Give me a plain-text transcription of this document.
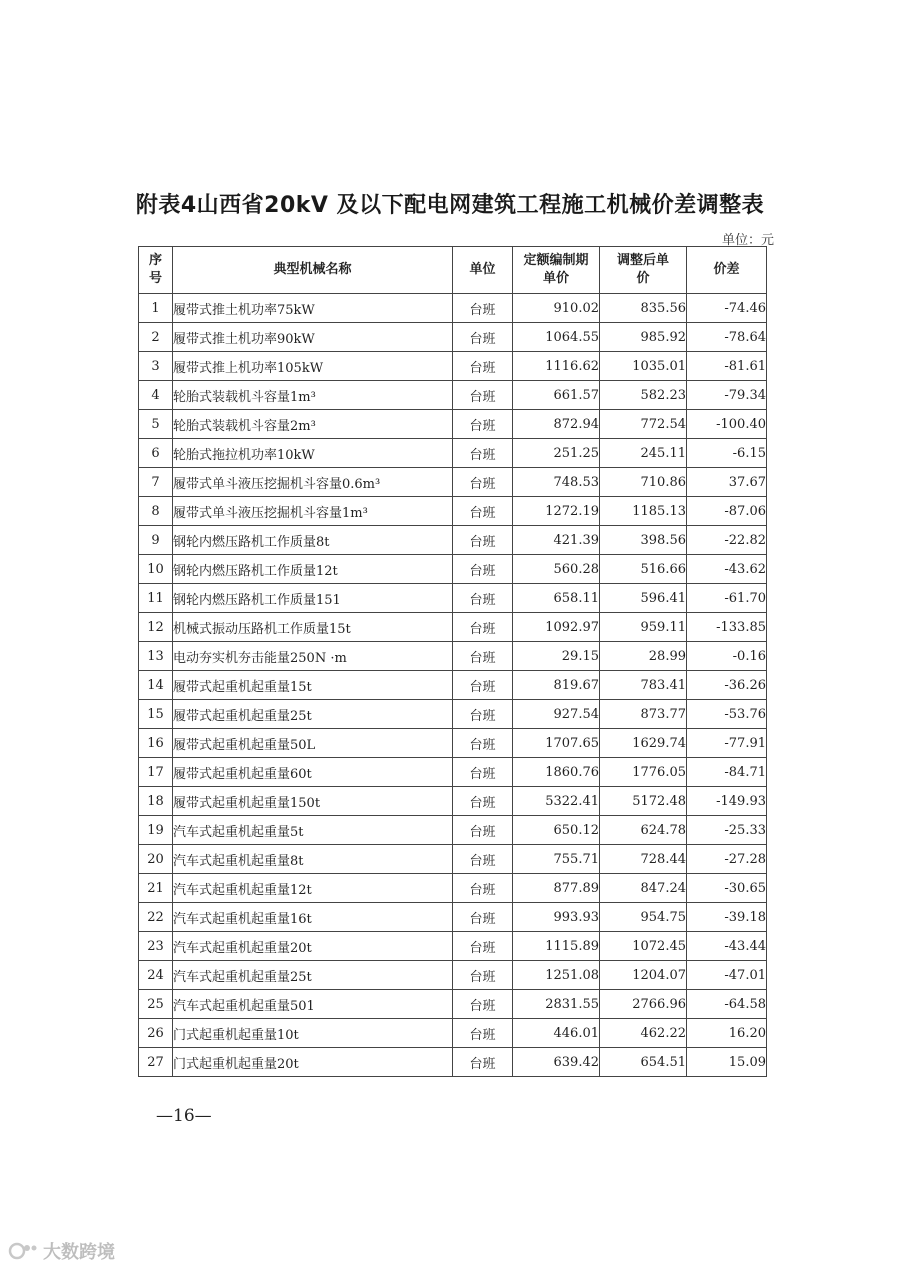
附表4山西省20kV 及以下配电网建筑工程施工机械价差调整表
单位：元
序号	典型机械名称	单位	定额编制期单价	调整后单价	价差
1	履带式推土机功率75kW	台班	910.02	835.56	-74.46
2	履带式推土机功率90kW	台班	1064.55	985.92	-78.64
3	履带式推上机功率105kW	台班	1116.62	1035.01	-81.61
4	轮胎式装载机斗容量1m³	台班	661.57	582.23	-79.34
5	轮胎式装载机斗容量2m³	台班	872.94	772.54	-100.40
6	轮胎式拖拉机功率10kW	台班	251.25	245.11	-6.15
7	履带式单斗液压挖掘机斗容量0.6m³	台班	748.53	710.86	37.67
8	履带式单斗液压挖掘机斗容量1m³	台班	1272.19	1185.13	-87.06
9	钢轮内燃压路机工作质量8t	台班	421.39	398.56	-22.82
10	钢轮内燃压路机工作质量12t	台班	560.28	516.66	-43.62
11	钢轮内燃压路机工作质量151	台班	658.11	596.41	-61.70
12	机械式振动压路机工作质量15t	台班	1092.97	959.11	-133.85
13	电动夯实机夯击能量250N ·m	台班	29.15	28.99	-0.16
14	履带式起重机起重量15t	台班	819.67	783.41	-36.26
15	履带式起重机起重量25t	台班	927.54	873.77	-53.76
16	履带式起重机起重量50L	台班	1707.65	1629.74	-77.91
17	履带式起重机起重量60t	台班	1860.76	1776.05	-84.71
18	履带式起重机起重量150t	台班	5322.41	5172.48	-149.93
19	汽车式起重机起重量5t	台班	650.12	624.78	-25.33
20	汽车式起重机起重量8t	台班	755.71	728.44	-27.28
21	汽车式起重机起重量12t	台班	877.89	847.24	-30.65
22	汽车式起重机起重量16t	台班	993.93	954.75	-39.18
23	汽车式起重机起重量20t	台班	1115.89	1072.45	-43.44
24	汽车式起重机起重量25t	台班	1251.08	1204.07	-47.01
25	汽车式起重机起重量501	台班	2831.55	2766.96	-64.58
26	门式起重机起重量10t	台班	446.01	462.22	16.20
27	门式起重机起重量20t	台班	639.42	654.51	15.09
—16—
大数跨境
